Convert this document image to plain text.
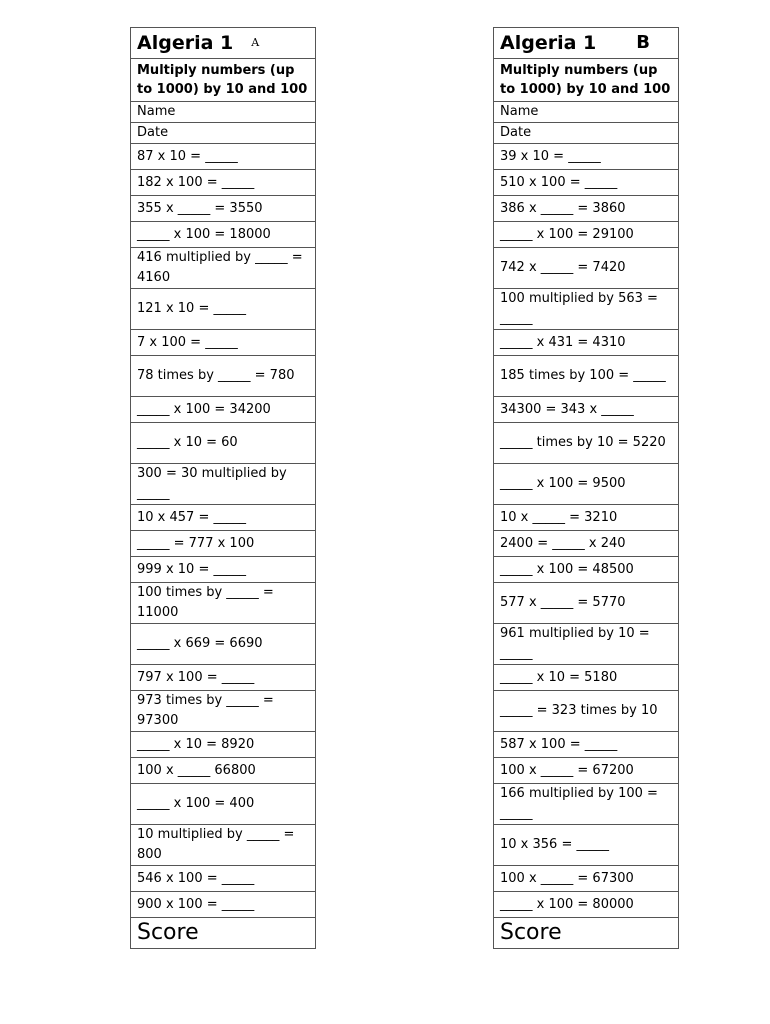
Algeria 1 A
Multiply numbers (up to 1000) by 10 and 100
Name
Date
87 x 10 = _____
182 x 100 = _____
355 x _____ = 3550
_____ x 100 = 18000
416 multiplied by _____ = 4160
121 x 10 = _____
7 x 100 = _____
78 times by _____ = 780
_____ x 100 = 34200
_____ x 10 = 60
300 = 30 multiplied by _____
10 x 457 = _____
_____ = 777 x 100
999 x 10 = _____
100 times by _____ = 11000
_____ x 669 = 6690
797 x 100 = _____
973 times by _____ = 97300
_____ x 10 = 8920
100 x _____ 66800
_____ x 100 = 400
10 multiplied by _____ = 800
546 x 100 = _____
900 x 100 = _____
Score
Algeria 1 B
Multiply numbers (up to 1000) by 10 and 100
Name
Date
39 x 10 = _____
510 x 100 = _____
386 x _____ = 3860
_____ x 100 = 29100
742 x _____ = 7420
100 multiplied by 563 = _____
_____ x 431 = 4310
185 times by 100 = _____
34300 = 343 x _____
_____ times by 10 = 5220
_____ x 100 = 9500
10 x _____ = 3210
2400 = _____ x 240
_____ x 100 = 48500
577 x _____ = 5770
961 multiplied by 10 = _____
_____ x 10 = 5180
_____ = 323 times by 10
587 x 100 = _____
100 x _____ = 67200
166 multiplied by 100 = _____
10 x 356 = _____
100 x _____ = 67300
_____ x 100 = 80000
Score
